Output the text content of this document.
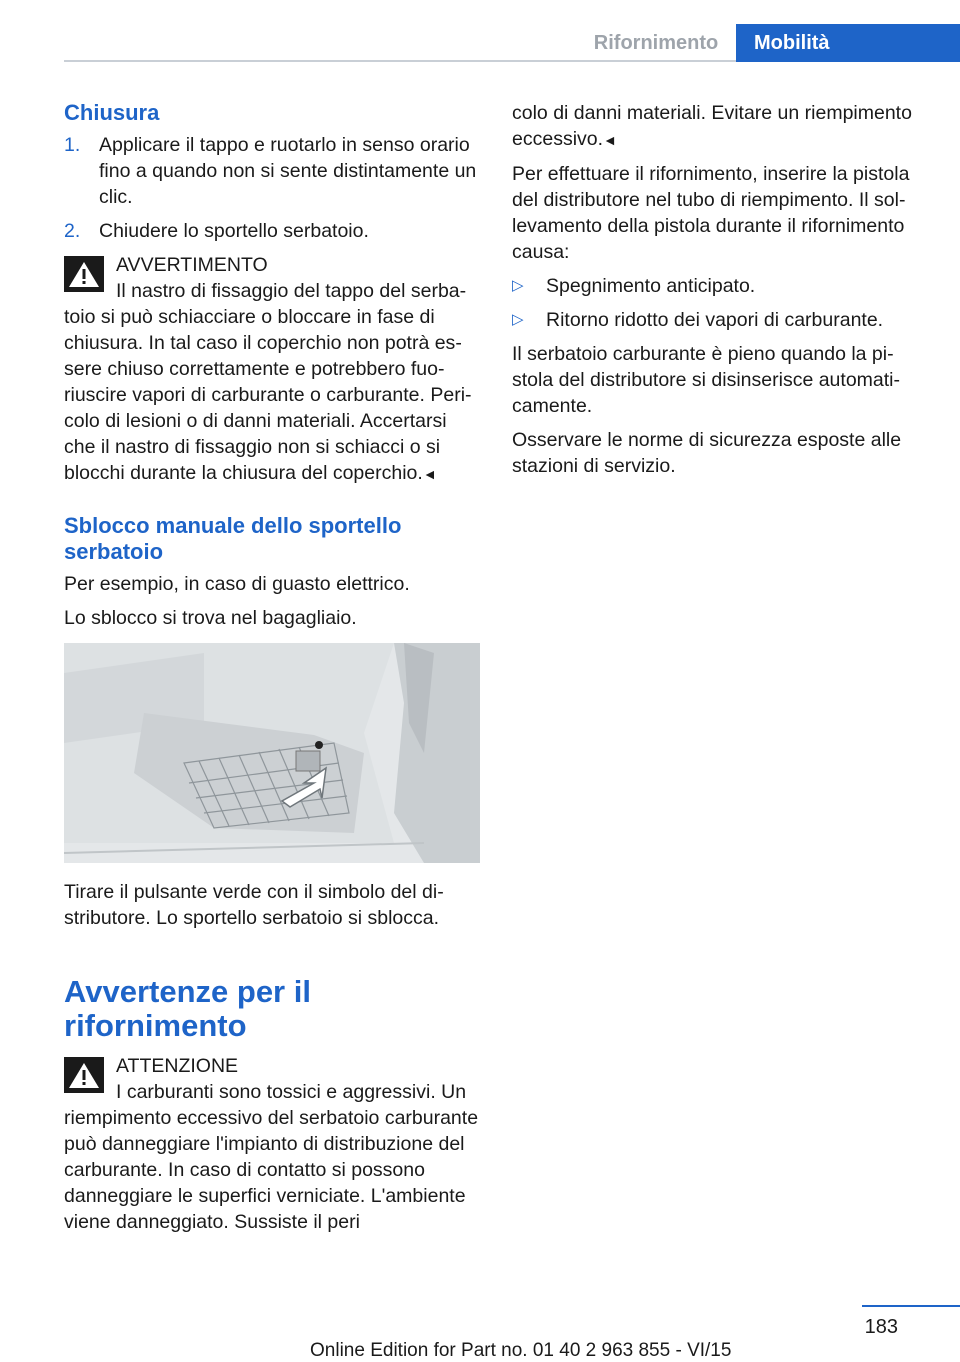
Rifornimento	Mobilità
Chiusura
1. Applicare il tappo e ruotarlo in senso orario fino a quando non si sente distintamente un clic.
2. Chiudere lo sportello serbatoio.
AVVERTIMENTO
Il nastro di fissaggio del tappo del serbatoio si può schiacciare o bloccare in fase di chiusura. In tal caso il coperchio non potrà essere chiuso correttamente e potrebbero fuoriuscire vapori di carburante o carburante. Pericolo di lesioni o di danni materiali. Accertarsi che il nastro di fissaggio non si schiacci o si blocchi durante la chiusura del coperchio.◄
Sblocco manuale dello sportello serbatoio

Per esempio, in caso di guasto elettrico.

Lo sblocco si trova nel bagagliaio.

Tirare il pulsante verde con il simbolo del distributore. Lo sportello serbatoio si sblocca.

Avvertenze per il rifornimento
ATTENZIONE
I carburanti sono tossici e aggressivi. Un riempimento eccessivo del serbatoio carburante può danneggiare l'impianto di distribuzione del carburante. In caso di contatto si possono danneggiare le superfici verniciate. L'ambiente viene danneggiato. Sussiste il peri

colo di danni materiali. Evitare un riempimento eccessivo.◄

Per effettuare il rifornimento, inserire la pistola del distributore nel tubo di riempimento. Il sollevamento della pistola durante il rifornimento causa:

▷	Spegnimento anticipato.
▷	Ritorno ridotto dei vapori di carburante.

Il serbatoio carburante è pieno quando la pistola del distributore si disinserisce automaticamente.

Osservare le norme di sicurezza esposte alle stazioni di servizio.

183
Online Edition for Part no. 01 40 2 963 855 - VI/15
